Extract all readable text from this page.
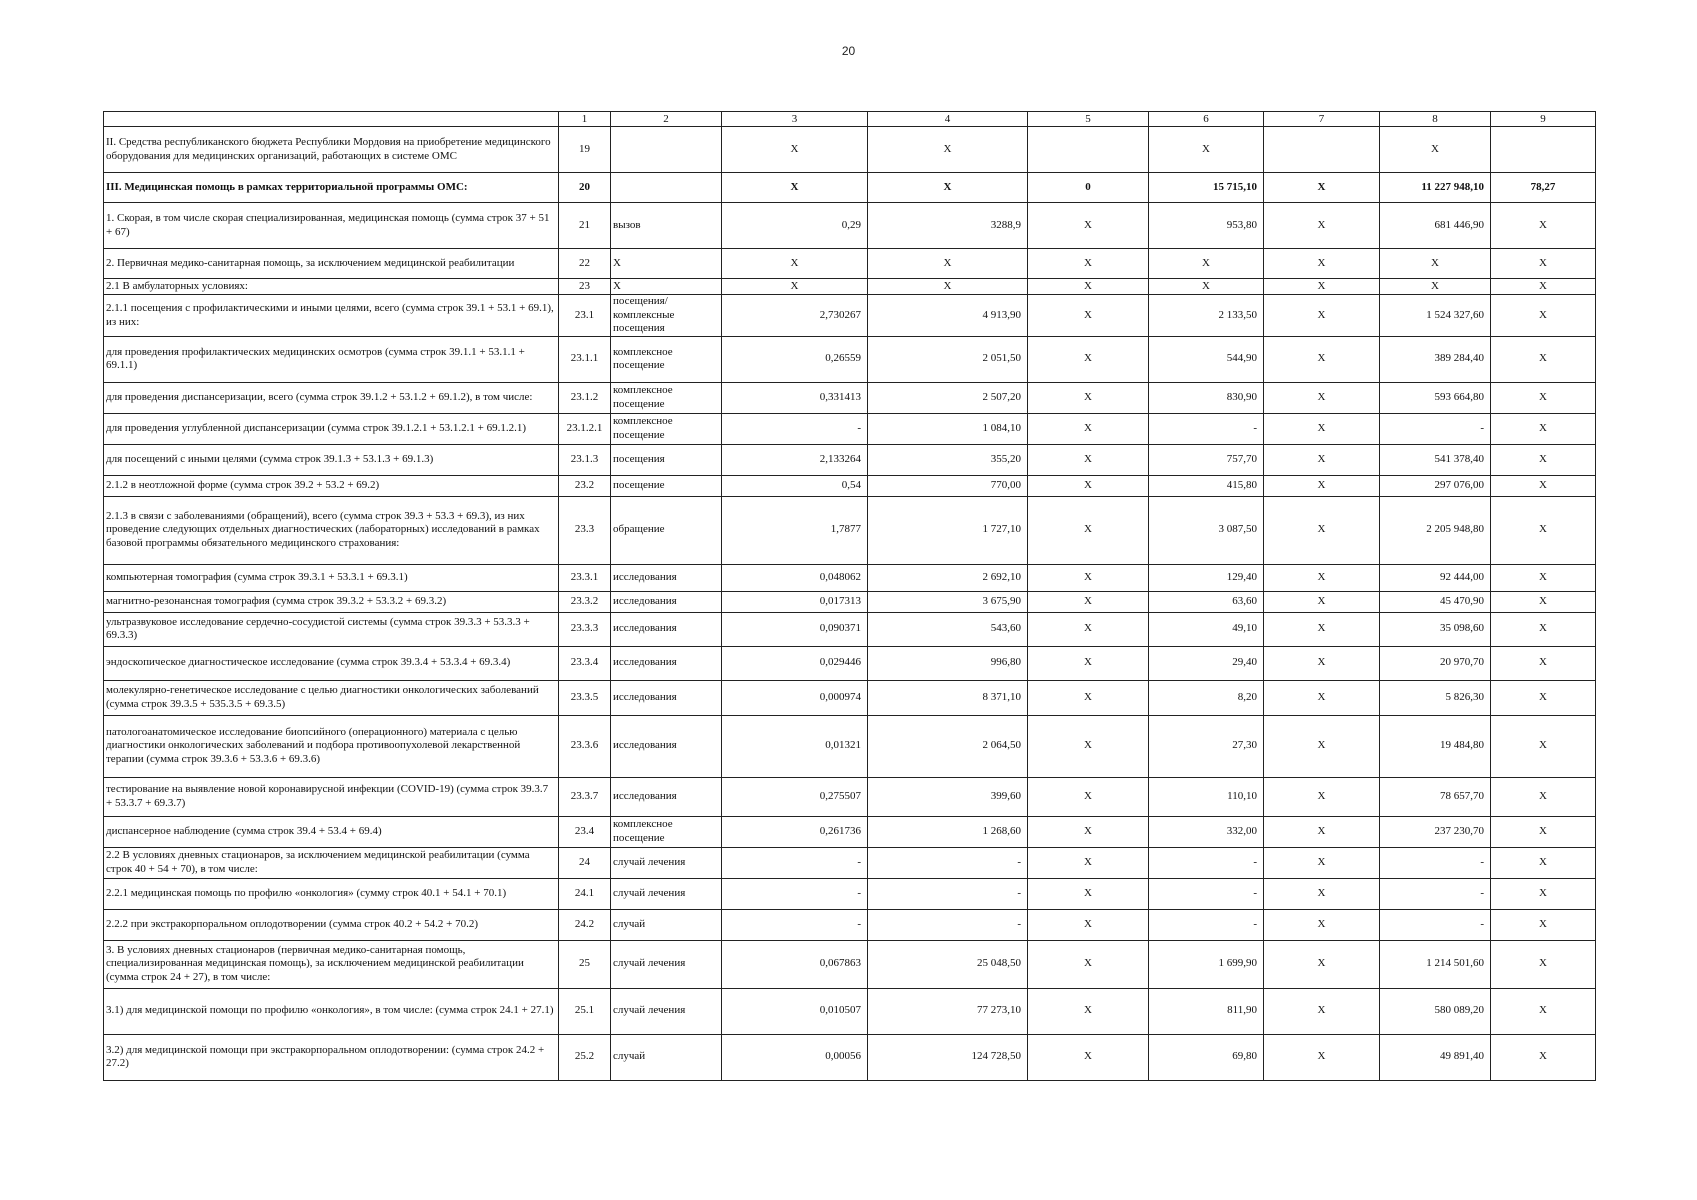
20
	1	2	3	4	5	6	7	8	9
II. Средства республиканского бюджета Республики Мордовия на приобретение медицинского оборудования для медицинских организаций, работающих в системе ОМС	19		X	X		X		X	
III. Медицинская помощь в рамках территориальной программы ОМС:	20		X	X	0	15 715,10	X	11 227 948,10	78,27
1. Скорая, в том числе скорая специализированная, медицинская помощь (сумма строк 37 + 51 + 67)	21	вызов	0,29	3288,9	X	953,80	X	681 446,90	X
2. Первичная медико-санитарная помощь, за исключением медицинской реабилитации	22	X	X	X	X	X	X	X	X
2.1 В амбулаторных условиях:	23	X	X	X	X	X	X	X	X
2.1.1 посещения с профилактическими и иными целями, всего (сумма строк 39.1 + 53.1 + 69.1), из них:	23.1	посещения/комплексные посещения	2,730267	4 913,90	X	2 133,50	X	1 524 327,60	X
для проведения профилактических медицинских осмотров (сумма строк 39.1.1 + 53.1.1 + 69.1.1)	23.1.1	комплексное посещение	0,26559	2 051,50	X	544,90	X	389 284,40	X
для проведения диспансеризации, всего (сумма строк 39.1.2 + 53.1.2 + 69.1.2), в том числе:	23.1.2	комплексное посещение	0,331413	2 507,20	X	830,90	X	593 664,80	X
для проведения углубленной диспансеризации (сумма строк 39.1.2.1 + 53.1.2.1 + 69.1.2.1)	23.1.2.1	комплексное посещение	-	1 084,10	X	-	X	-	X
для посещений с иными целями (сумма строк 39.1.3 + 53.1.3 + 69.1.3)	23.1.3	посещения	2,133264	355,20	X	757,70	X	541 378,40	X
2.1.2 в неотложной форме (сумма строк 39.2 + 53.2 + 69.2)	23.2	посещение	0,54	770,00	X	415,80	X	297 076,00	X
2.1.3 в связи с заболеваниями (обращений), всего (сумма строк 39.3 + 53.3 + 69.3), из них проведение следующих отдельных диагностических (лабораторных) исследований в рамках базовой программы обязательного медицинского страхования:	23.3	обращение	1,7877	1 727,10	X	3 087,50	X	2 205 948,80	X
компьютерная томография (сумма строк 39.3.1 + 53.3.1 + 69.3.1)	23.3.1	исследования	0,048062	2 692,10	X	129,40	X	92 444,00	X
магнитно-резонансная томография (сумма строк 39.3.2 + 53.3.2 + 69.3.2)	23.3.2	исследования	0,017313	3 675,90	X	63,60	X	45 470,90	X
ультразвуковое исследование сердечно-сосудистой системы (сумма строк 39.3.3 + 53.3.3 + 69.3.3)	23.3.3	исследования	0,090371	543,60	X	49,10	X	35 098,60	X
эндоскопическое диагностическое исследование (сумма строк 39.3.4 + 53.3.4 + 69.3.4)	23.3.4	исследования	0,029446	996,80	X	29,40	X	20 970,70	X
молекулярно-генетическое исследование с целью диагностики онкологических заболеваний (сумма строк 39.3.5 + 535.3.5 + 69.3.5)	23.3.5	исследования	0,000974	8 371,10	X	8,20	X	5 826,30	X
патологоанатомическое исследование биопсийного (операционного) материала с целью диагностики онкологических заболеваний и подбора противоопухолевой лекарственной терапии (сумма строк 39.3.6 + 53.3.6 + 69.3.6)	23.3.6	исследования	0,01321	2 064,50	X	27,30	X	19 484,80	X
тестирование на выявление новой коронавирусной инфекции (COVID-19) (сумма строк 39.3.7 + 53.3.7 + 69.3.7)	23.3.7	исследования	0,275507	399,60	X	110,10	X	78 657,70	X
диспансерное наблюдение (сумма строк 39.4 + 53.4 + 69.4)	23.4	комплексное посещение	0,261736	1 268,60	X	332,00	X	237 230,70	X
2.2 В условиях дневных стационаров, за исключением медицинской реабилитации (сумма строк 40 + 54 + 70), в том числе:	24	случай лечения	-	-	X	-	X	-	X
2.2.1 медицинская помощь по профилю «онкология» (сумму строк 40.1 + 54.1 + 70.1)	24.1	случай лечения	-	-	X	-	X	-	X
2.2.2 при экстракорпоральном оплодотворении (сумма строк 40.2 + 54.2 + 70.2)	24.2	случай	-	-	X	-	X	-	X
3. В условиях дневных стационаров (первичная медико-санитарная помощь, специализированная медицинская помощь), за исключением медицинской реабилитации (сумма строк 24 + 27), в том числе:	25	случай лечения	0,067863	25 048,50	X	1 699,90	X	1 214 501,60	X
3.1) для медицинской помощи по профилю «онкология», в том числе: (сумма строк 24.1 + 27.1)	25.1	случай лечения	0,010507	77 273,10	X	811,90	X	580 089,20	X
3.2) для медицинской помощи при экстракорпоральном оплодотворении: (сумма строк 24.2 + 27.2)	25.2	случай	0,00056	124 728,50	X	69,80	X	49 891,40	X
